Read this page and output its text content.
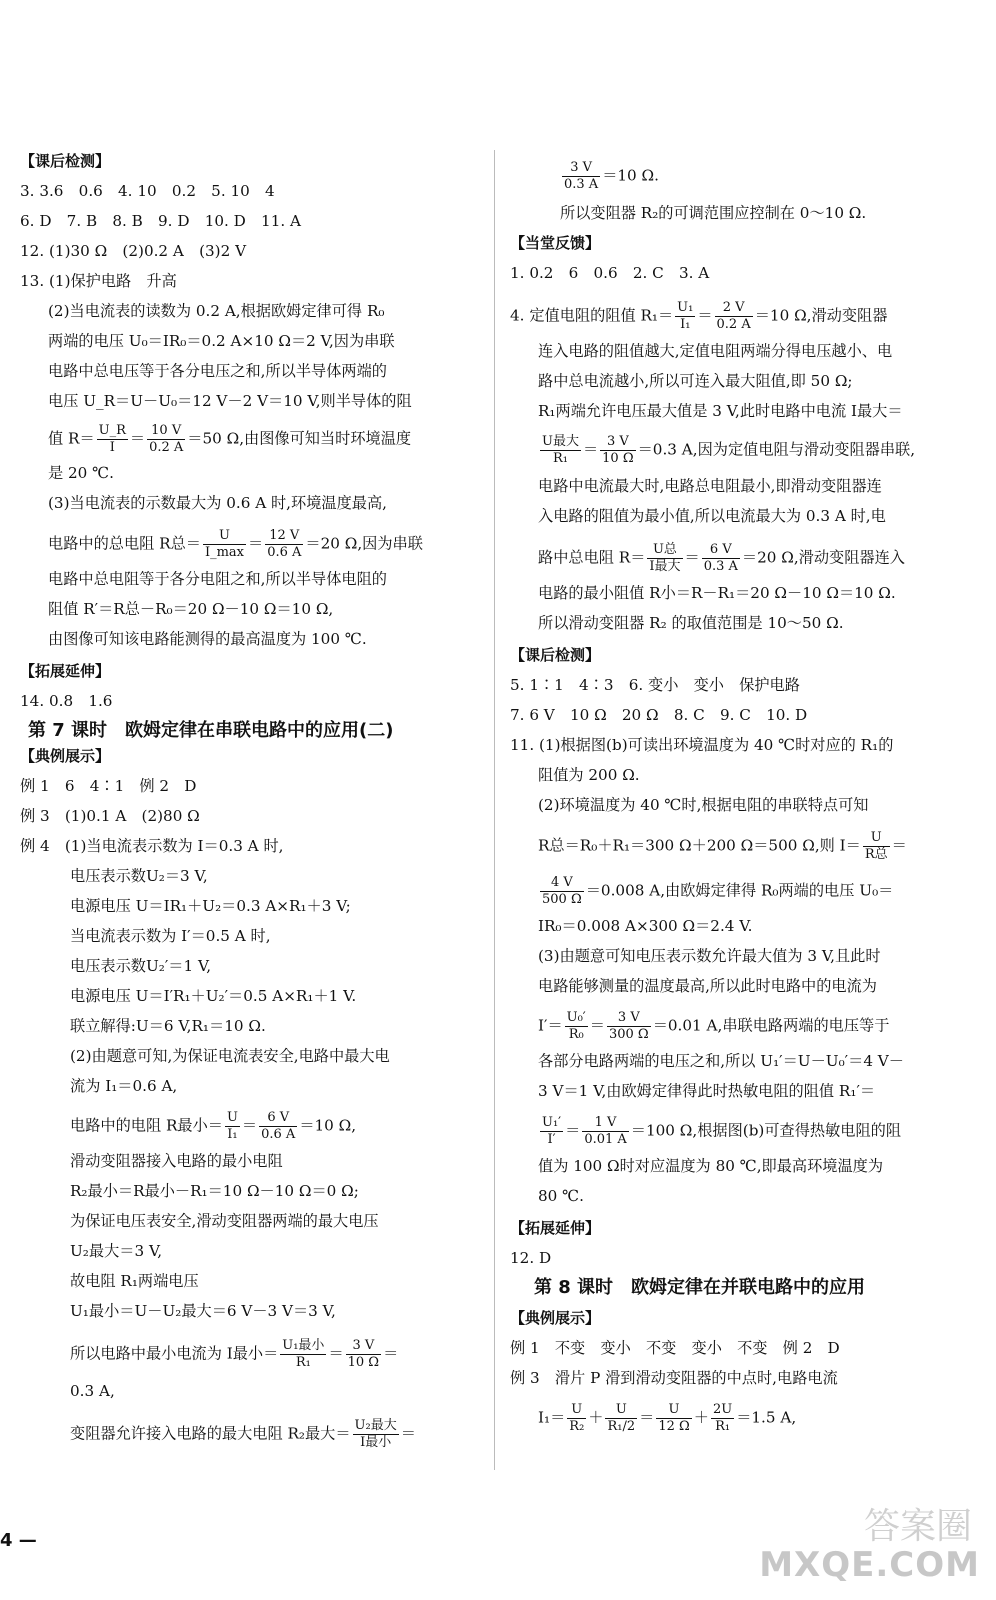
【课后检测】
3. 3.6　0.6　4. 10　0.2　5. 10　4
6. D　7. B　8. B　9. D　10. D　11. A
12. (1)30 Ω　(2)0.2 A　(3)2 V
13. (1)保护电路　升高
(2)当电流表的读数为 0.2 A,根据欧姆定律可得 R₀
两端的电压 U₀＝IR₀＝0.2 A×10 Ω＝2 V,因为串联
电路中总电压等于各分电压之和,所以半导体两端的
电压 U_R＝U－U₀＝12 V－2 V＝10 V,则半导体的阻
值 $R= \frac{U\_R}{I} = \frac{10 V}{0.2 A} =50$ Ω,由图像可知当时环境温度
是 20 ℃.
(3)当电流表的示数最大为 0.6 A 时,环境温度最高,
电路中的总电阻 R总＝ $\frac{U}{I\_\max} = \frac{12 V}{0.6 A} =20$ Ω,因为串联
电路中总电阻等于各分电阻之和,所以半导体电阻的
阻值 R′＝R总－R₀＝20 Ω－10 Ω＝10 Ω,
由图像可知该电路能测得的最高温度为 100 ℃.
【拓展延伸】
14. 0.8　1.6
第 7 课时　欧姆定律在串联电路中的应用(二)
【典例展示】
例 1　6　4∶1　例 2　D
例 3　(1)0.1 A　(2)80 Ω
例 4　(1)当电流表示数为 I＝0.3 A 时,
电压表示数U₂＝3 V,
电源电压 U＝IR₁＋U₂＝0.3 A×R₁＋3 V;
当电流表示数为 I′＝0.5 A 时,
电压表示数U₂′＝1 V,
电源电压 U＝I′R₁＋U₂′＝0.5 A×R₁＋1 V.
联立解得:U＝6 V,R₁＝10 Ω.
(2)由题意可知,为保证电流表安全,电路中最大电
流为 I₁＝0.6 A,
电路中的电阻 R最小＝ $\frac{U}{\text{I₁}} = \frac{6 V}{0.6 A} =10$ Ω,
滑动变阻器接入电路的最小电阻
R₂最小＝R最小－R₁＝10 Ω－10 Ω＝0 Ω;
为保证电压表安全,滑动变阻器两端的最大电压
U₂最大＝3 V,
故电阻 R₁两端电压
U₁最小＝U－U₂最大＝6 V－3 V＝3 V,
所以电路中最小电流为 I最小＝ $\frac{\text{U₁最小}}{\text{R₁}} = \frac{3 V}{10 \Omega}$ ＝
0.3 A,
变阻器允许接入电路的最大电阻 R₂最大＝ $\frac{\text{U₂最大}}{\text{I最小}}$ ＝
4 —
$\frac{3 V}{0.3 A} =10$ Ω.
所以变阻器 R₂的可调范围应控制在 0～10 Ω.
【当堂反馈】
1. 0.2　6　0.6　2. C　3. A
4. 定值电阻的阻值 $R_1= \frac{\text{U₁}}{\text{I₁}} = \frac{2 V}{0.2 A} =10$ Ω,滑动变阻器
连入电路的阻值越大,定值电阻两端分得电压越小、电
路中总电流越小,所以可连入最大阻值,即 50 Ω;
R₁两端允许电压最大值是 3 V,此时电路中电流 I最大＝
$\frac{\text{U最大}}{\text{R₁}} = \frac{3 V}{10 \Omega} =0.3$ A,因为定值电阻与滑动变阻器串联,
电路中电流最大时,电路总电阻最小,即滑动变阻器连
入电路的阻值为最小值,所以电流最大为 0.3 A 时,电
路中总电阻 $R= \frac{\text{U总}}{\text{I最大}} = \frac{6 V}{0.3 A} =20$ Ω,滑动变阻器连入
电路的最小阻值 R小＝R－R₁＝20 Ω－10 Ω＝10 Ω.
所以滑动变阻器 R₂ 的取值范围是 10～50 Ω.
【课后检测】
5. 1∶1　4∶3　6. 变小　变小　保护电路
7. 6 V　10 Ω　20 Ω　8. C　9. C　10. D
11. (1)根据图(b)可读出环境温度为 40 ℃时对应的 R₁的
阻值为 200 Ω.
(2)环境温度为 40 ℃时,根据电阻的串联特点可知
R总＝R₀＋R₁＝300 Ω＋200 Ω＝500 Ω,则 $I= \frac{U}{\text{R总}}$ ＝
$\frac{4 V}{500 \Omega} =0.008$ A,由欧姆定律得 R₀两端的电压 U₀＝
IR₀＝0.008 A×300 Ω＝2.4 V.
(3)由题意可知电压表示数允许最大值为 3 V,且此时
电路能够测量的温度最高,所以此时电路中的电流为
$I'= \frac{\text{U₀′}}{\text{R₀}} = \frac{3 V}{300 \Omega} =0.01$ A,串联电路两端的电压等于
各部分电路两端的电压之和,所以 U₁′＝U－U₀′＝4 V－
3 V＝1 V,由欧姆定律得此时热敏电阻的阻值 R₁′＝
$\frac{\text{U₁′}}{I'} = \frac{1 V}{0.01 A} =100$ Ω,根据图(b)可查得热敏电阻的阻
值为 100 Ω时对应温度为 80 ℃,即最高环境温度为
80 ℃.
【拓展延伸】
12. D
第 8 课时　欧姆定律在并联电路中的应用
【典例展示】
例 1　不变　变小　不变　变小　不变　例 2　D
例 3　滑片 P 滑到滑动变阻器的中点时,电路电流
$I_1= \frac{U}{\text{R₂}} + \frac{U}{\text{R₁/2}} = \frac{U}{12 \Omega} + \frac{2U}{\text{R₁}} =1.5$ A,
答案圈
MXQE.COM
